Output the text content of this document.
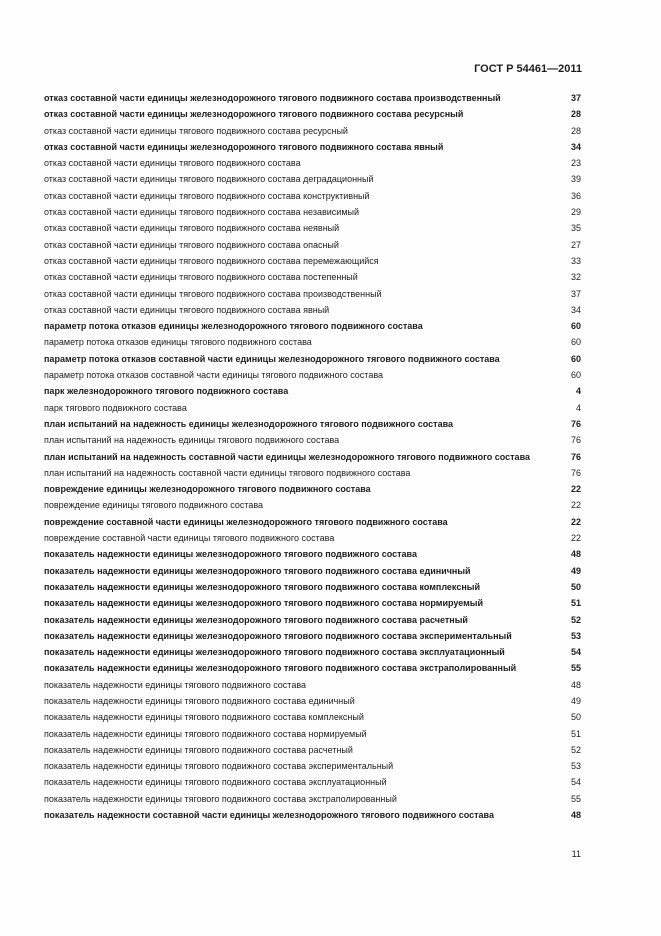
ГОСТ Р 54461—2011
отказ составной части единицы железнодорожного тягового подвижного состава производственный	37
отказ составной части единицы железнодорожного тягового подвижного состава ресурсный	28
отказ составной части единицы тягового подвижного состава ресурсный	28
отказ составной части единицы железнодорожного тягового подвижного состава явный	34
отказ составной части единицы тягового подвижного состава	23
отказ составной части единицы тягового подвижного состава деградационный	39
отказ составной части единицы тягового подвижного состава конструктивный	36
отказ составной части единицы тягового подвижного состава независимый	29
отказ составной части единицы тягового подвижного состава неявный	35
отказ составной части единицы тягового подвижного состава опасный	27
отказ составной части единицы тягового подвижного состава перемежающийся	33
отказ составной части единицы тягового подвижного состава постепенный	32
отказ составной части единицы тягового подвижного состава производственный	37
отказ составной части единицы тягового подвижного состава явный	34
параметр потока отказов единицы железнодорожного тягового подвижного состава	60
параметр потока отказов единицы тягового подвижного состава	60
параметр потока отказов составной части единицы железнодорожного тягового подвижного состава	60
параметр потока отказов составной части единицы тягового подвижного состава	60
парк железнодорожного тягового подвижного состава	4
парк тягового подвижного состава	4
план испытаний на надежность единицы железнодорожного тягового подвижного состава	76
план испытаний на надежность единицы тягового подвижного состава	76
план испытаний на надежность составной части единицы железнодорожного тягового подвижного состава	76
план испытаний на надежность составной части единицы тягового подвижного состава	76
повреждение единицы железнодорожного тягового подвижного состава	22
повреждение единицы тягового подвижного состава	22
повреждение составной части единицы железнодорожного тягового подвижного состава	22
повреждение составной части единицы тягового подвижного состава	22
показатель надежности единицы железнодорожного тягового подвижного состава	48
показатель надежности единицы железнодорожного тягового подвижного состава единичный	49
показатель надежности единицы железнодорожного тягового подвижного состава комплексный	50
показатель надежности единицы железнодорожного тягового подвижного состава нормируемый	51
показатель надежности единицы железнодорожного тягового подвижного состава расчетный	52
показатель надежности единицы железнодорожного тягового подвижного состава экспериментальный	53
показатель надежности единицы железнодорожного тягового подвижного состава эксплуатационный	54
показатель надежности единицы железнодорожного тягового подвижного состава экстраполированный	55
показатель надежности единицы тягового подвижного состава	48
показатель надежности единицы тягового подвижного состава единичный	49
показатель надежности единицы тягового подвижного состава комплексный	50
показатель надежности единицы тягового подвижного состава нормируемый	51
показатель надежности единицы тягового подвижного состава расчетный	52
показатель надежности единицы тягового подвижного состава экспериментальный	53
показатель надежности единицы тягового подвижного состава эксплуатационный	54
показатель надежности единицы тягового подвижного состава экстраполированный	55
показатель надежности составной части единицы железнодорожного тягового подвижного состава	48
11
